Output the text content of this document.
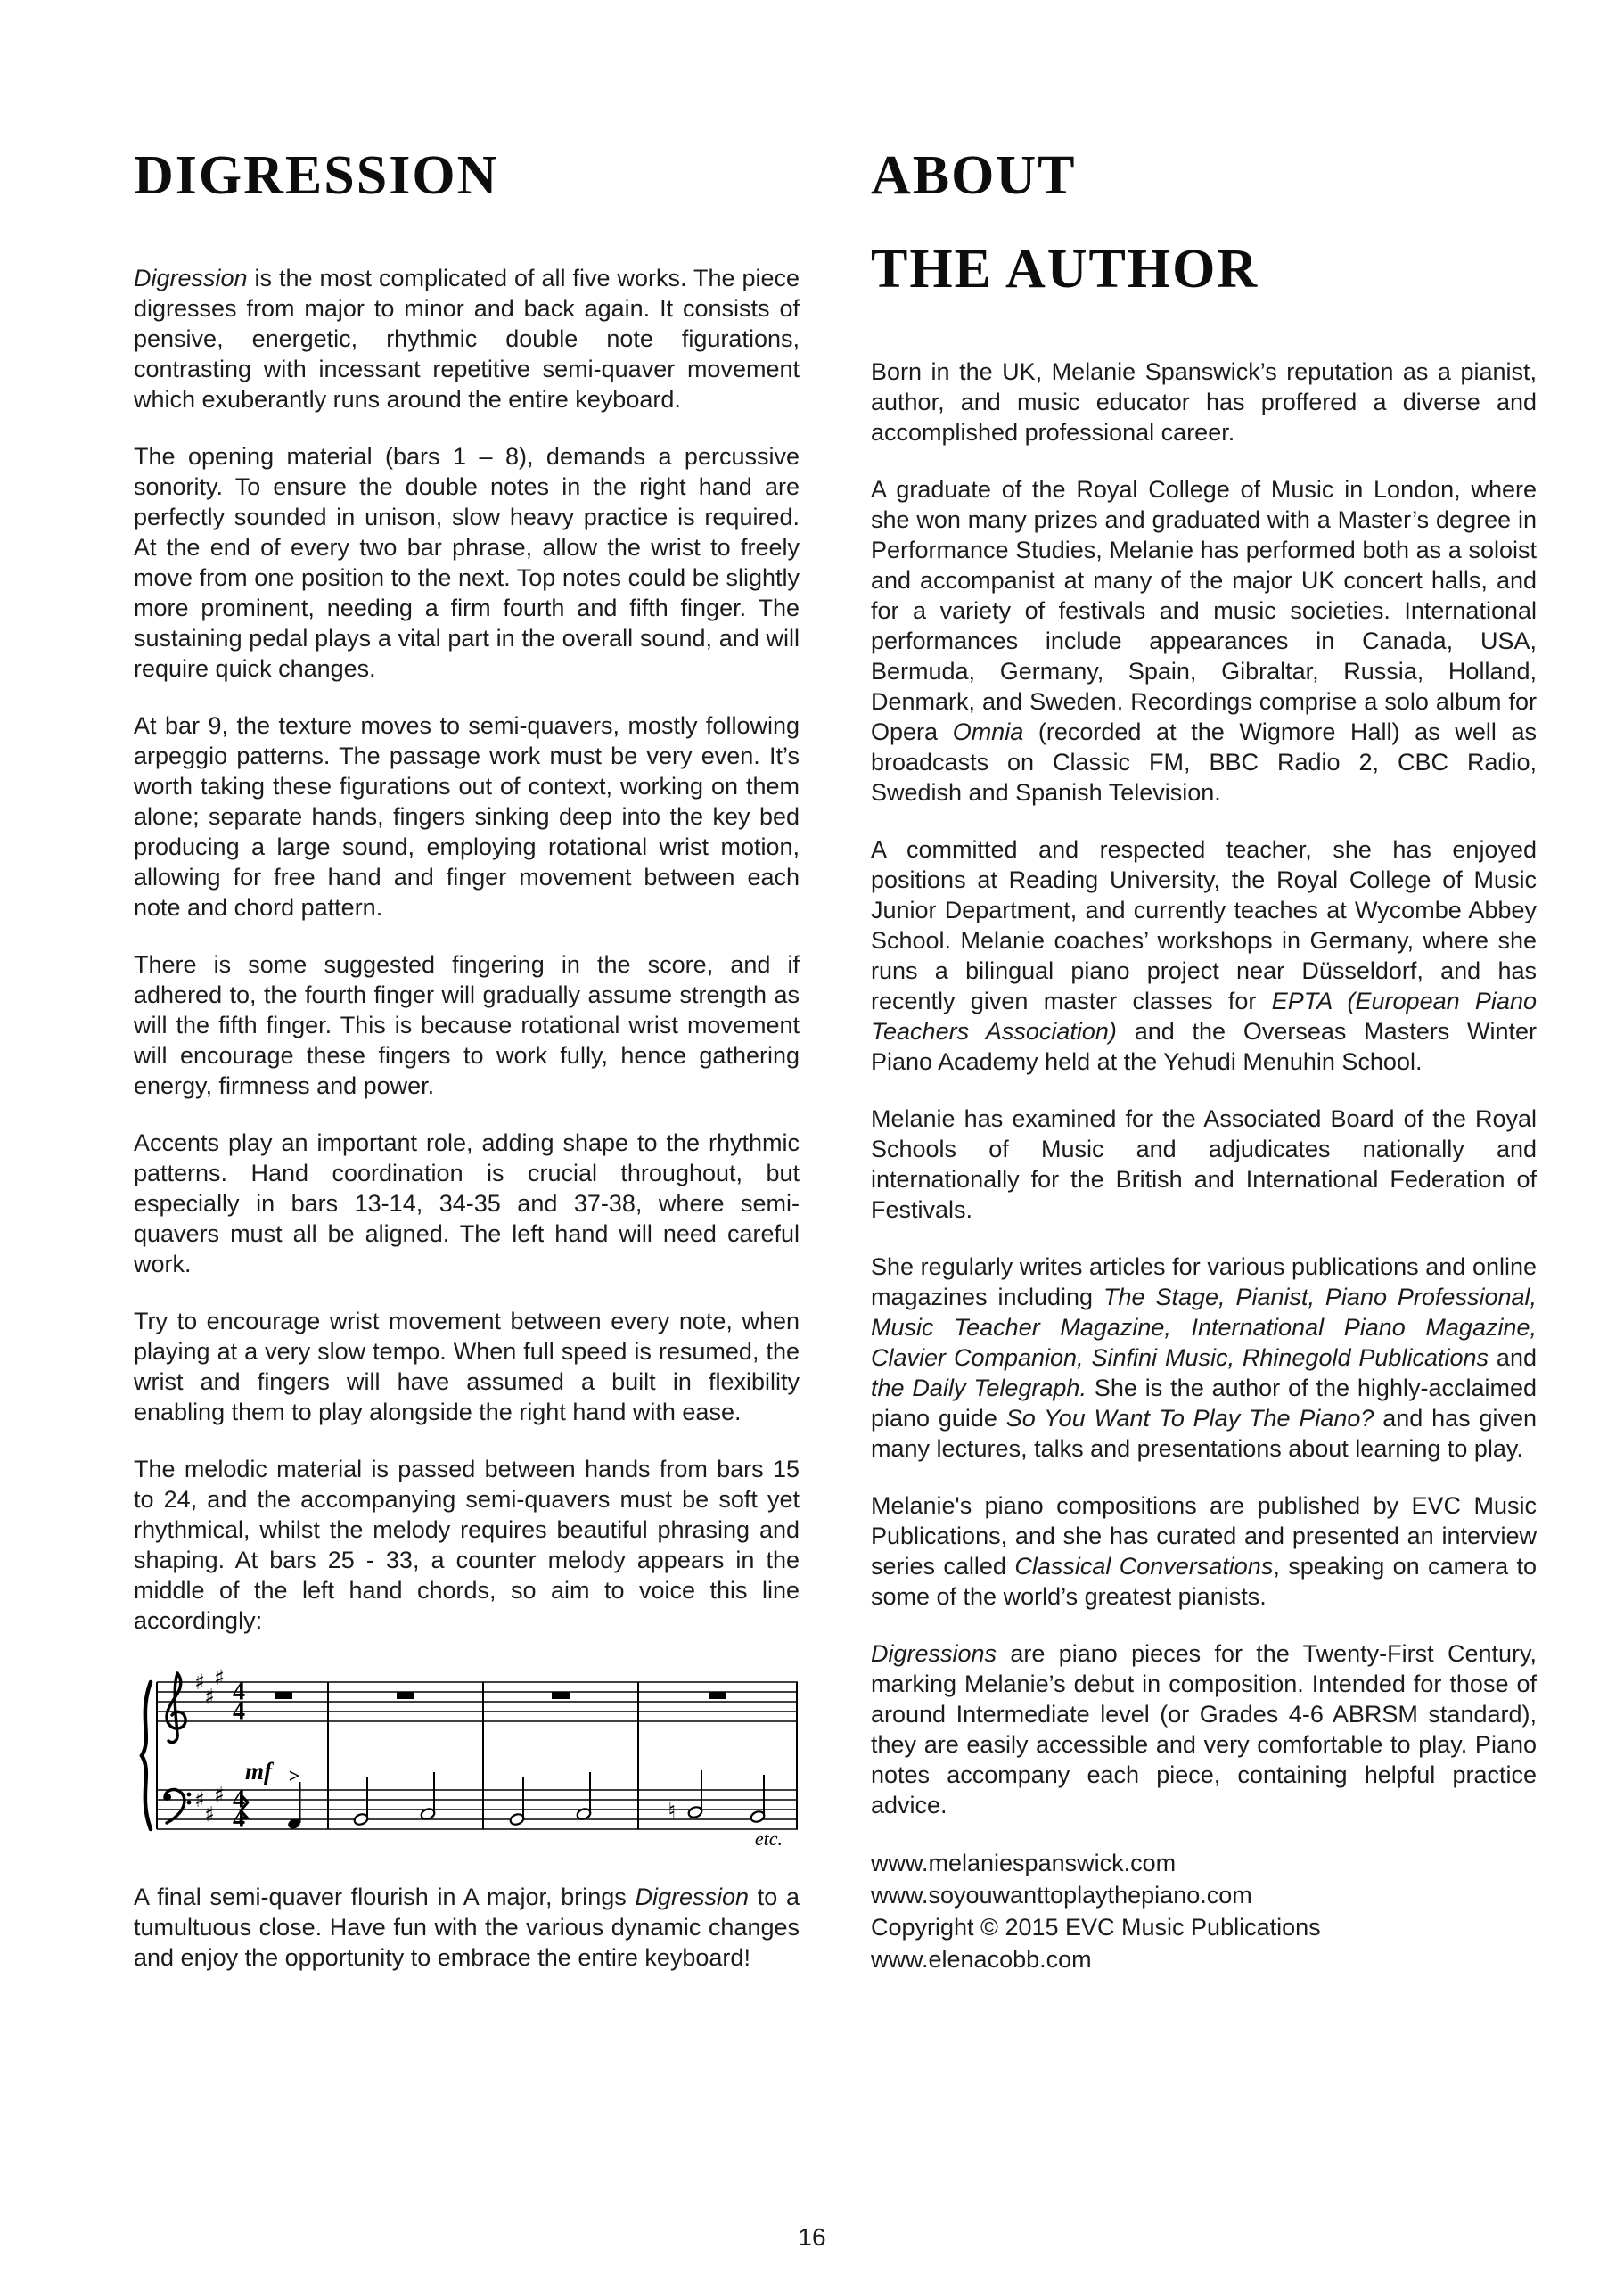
DIGRESSION

Digression is the most complicated of all five works. The piece digresses from major to minor and back again. It consists of pensive, energetic, rhythmic double note figurations, contrasting with incessant repetitive semi-quaver movement which exuberantly runs around the entire keyboard.

The opening material (bars 1 – 8), demands a percussive sonority. To ensure the double notes in the right hand are perfectly sounded in unison, slow heavy practice is required. At the end of every two bar phrase, allow the wrist to freely move from one position to the next. Top notes could be slightly more prominent, needing a firm fourth and fifth finger. The sustaining pedal plays a vital part in the overall sound, and will require quick changes.

At bar 9, the texture moves to semi-quavers, mostly following arpeggio patterns. The passage work must be very even. It’s worth taking these figurations out of context, working on them alone; separate hands, fingers sinking deep into the key bed producing a large sound, employing rotational wrist motion, allowing for free hand and finger movement between each note and chord pattern.

There is some suggested fingering in the score, and if adhered to, the fourth finger will gradually assume strength as will the fifth finger. This is because rotational wrist movement will encourage these fingers to work fully, hence gathering energy, firmness and power.

Accents play an important role, adding shape to the rhythmic patterns. Hand coordination is crucial throughout, but especially in bars 13-14, 34-35 and 37-38, where semi-quavers must all be aligned. The left hand will need careful work.

Try to encourage wrist movement between every note, when playing at a very slow tempo. When full speed is resumed, the wrist and fingers will have assumed a built in flexibility enabling them to play alongside the right hand with ease.

The melodic material is passed between hands from bars 15 to 24, and the accompanying semi-quavers must be soft yet rhythmical, whilst the melody requires beautiful phrasing and shaping. At bars 25 - 33, a counter melody appears in the middle of the left hand chords, so aim to voice this line accordingly:

♯
♯
♯
♯
♯
♯
4
4
4
4
mf >
♮
etc.

A final semi-quaver flourish in A major, brings Digression to a tumultuous close. Have fun with the various dynamic changes and enjoy the opportunity to embrace the entire keyboard!

ABOUT
THE AUTHOR

Born in the UK, Melanie Spanswick’s reputation as a pianist, author, and music educator has proffered a diverse and accomplished professional career.

A graduate of the Royal College of Music in London, where she won many prizes and graduated with a Master’s degree in Performance Studies, Melanie has performed both as a soloist and accompanist at many of the major UK concert halls, and for a variety of festivals and music societies. International performances include appearances in Canada, USA, Bermuda, Germany, Spain, Gibraltar, Russia, Holland, Denmark, and Sweden. Recordings comprise a solo album for Opera Omnia (recorded at the Wigmore Hall) as well as broadcasts on Classic FM, BBC Radio 2, CBC Radio, Swedish and Spanish Television.

A committed and respected teacher, she has enjoyed positions at Reading University, the Royal College of Music Junior Department, and currently teaches at Wycombe Abbey School. Melanie coaches’ workshops in Germany, where she runs a bilingual piano project near Düsseldorf, and has recently given master classes for EPTA (European Piano Teachers Association) and the Overseas Masters Winter Piano Academy held at the Yehudi Menuhin School.

Melanie has examined for the Associated Board of the Royal Schools of Music and adjudicates nationally and internationally for the British and International Federation of Festivals.

She regularly writes articles for various publications and online magazines including The Stage, Pianist, Piano Professional, Music Teacher Magazine, International Piano Magazine, Clavier Companion, Sinfini Music, Rhinegold Publications and the Daily Telegraph. She is the author of the highly-acclaimed piano guide So You Want To Play The Piano? and has given many lectures, talks and presentations about learning to play.

Melanie's piano compositions are published by EVC Music Publications, and she has curated and presented an interview series called Classical Conversations, speaking on camera to some of the world’s greatest pianists.

Digressions are piano pieces for the Twenty-First Century, marking Melanie’s debut in composition. Intended for those of around Intermediate level (or Grades 4-6 ABRSM standard), they are easily accessible and very comfortable to play. Piano notes accompany each piece, containing helpful practice advice.

www.melaniespanswick.com
www.soyouwanttoplaythepiano.com
Copyright © 2015 EVC Music Publications
www.elenacobb.com
16
